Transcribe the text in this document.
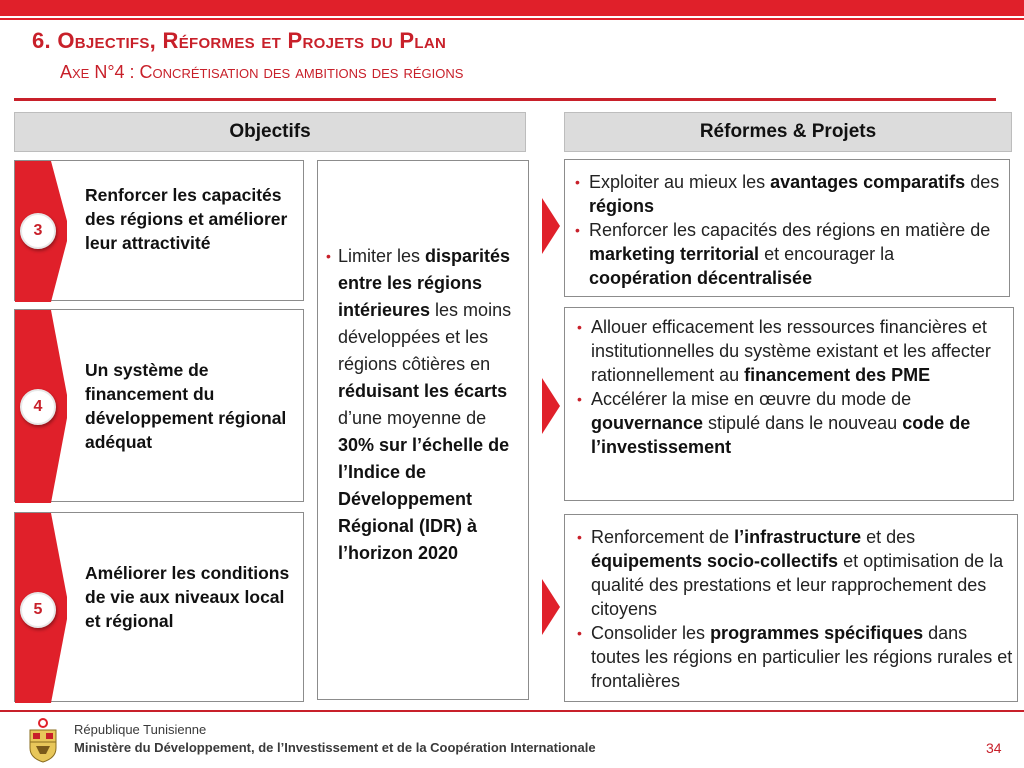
6. Objectifs, Réformes et Projets du Plan
Axe N°4 : Concrétisation des ambitions des régions
Objectifs	Réformes & Projets
Renforcer les capacités des régions et améliorer leur attractivité
3
Un système de financement du développement régional adéquat
4
Améliorer les conditions de vie aux niveaux local et régional
5
• Limiter les disparités entre les régions intérieures les moins développées et les régions côtières en réduisant les écarts d’une moyenne de 30% sur l’échelle de l’Indice de Développement Régional (IDR) à l’horizon 2020
• Exploiter au mieux les avantages comparatifs des régions
• Renforcer les capacités des régions en matière de marketing territorial et encourager la coopération décentralisée
• Allouer efficacement les ressources financières et institutionnelles du système existant et les affecter rationnellement au financement des PME
• Accélérer la mise en œuvre du mode de gouvernance stipulé dans le nouveau code de l’investissement
• Renforcement de l’infrastructure et des équipements socio-collectifs et optimisation de la qualité des prestations et leur rapprochement des citoyens
• Consolider les programmes spécifiques dans toutes les régions en particulier les régions rurales et frontalières
République Tunisienne
Ministère du Développement, de l’Investissement et de la Coopération Internationale	34
